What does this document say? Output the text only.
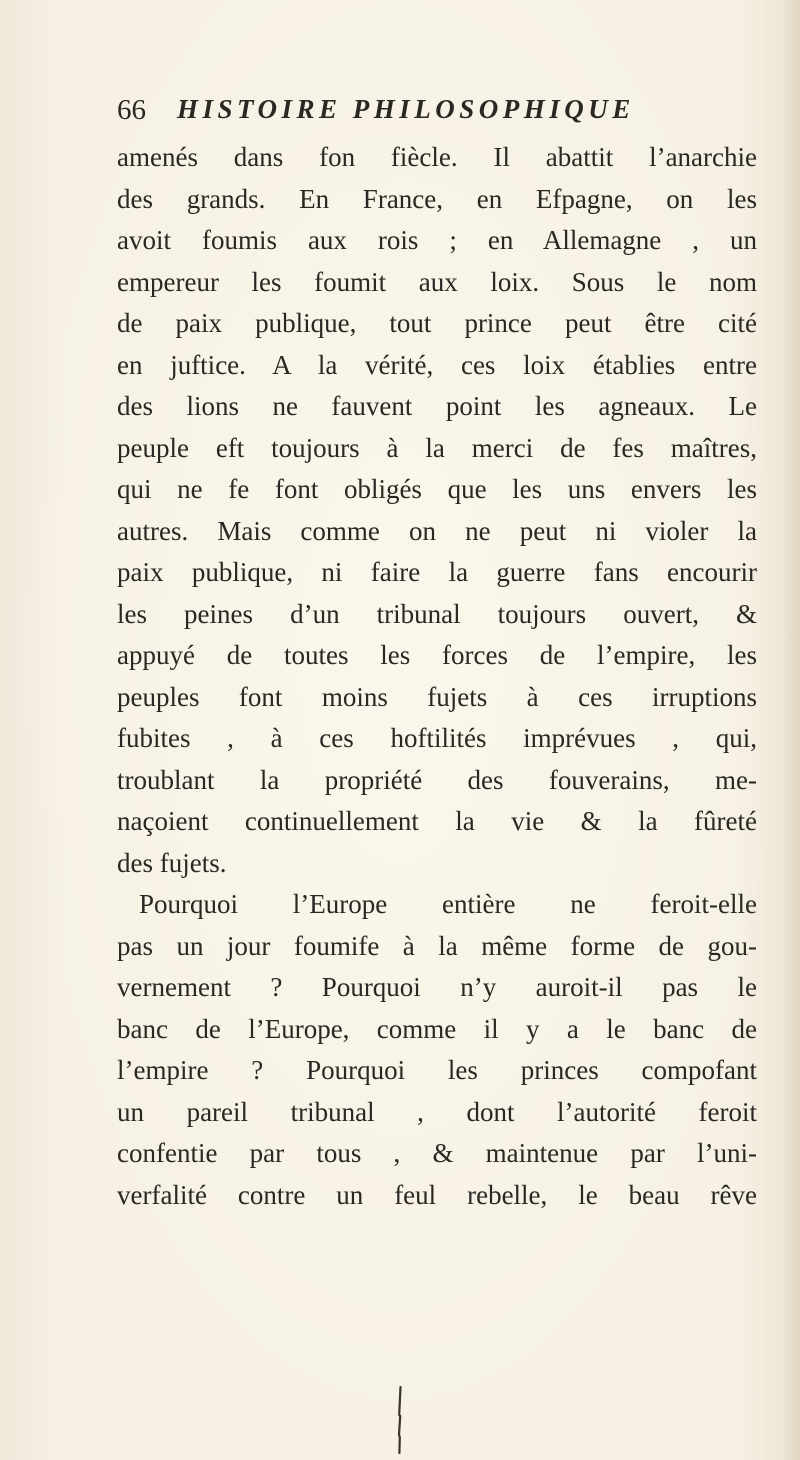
66 HISTOIRE PHILOSOPHIQUE
amenés dans fon fiècle. Il abattit l’anarchie
des grands. En France, en Efpagne, on les
avoit foumis aux rois ; en Allemagne , un
empereur les foumit aux loix. Sous le nom
de paix publique, tout prince peut être cité
en juftice. A la vérité, ces loix établies entre
des lions ne fauvent point les agneaux. Le
peuple eft toujours à la merci de fes maîtres,
qui ne fe font obligés que les uns envers les
autres. Mais comme on ne peut ni violer la
paix publique, ni faire la guerre fans encourir
les peines d’un tribunal toujours ouvert, &
appuyé de toutes les forces de l’empire, les
peuples font moins fujets à ces irruptions
fubites , à ces hoftilités imprévues , qui,
troublant la propriété des fouverains, me-
naçoient continuellement la vie & la fûreté
des fujets.
Pourquoi l’Europe entière ne feroit-elle
pas un jour foumife à la même forme de gou-
vernement ? Pourquoi n’y auroit-il pas le
banc de l’Europe, comme il y a le banc de
l’empire ? Pourquoi les princes compofant
un pareil tribunal , dont l’autorité feroit
confentie par tous , & maintenue par l’uni-
verfalité contre un feul rebelle, le beau rêve
